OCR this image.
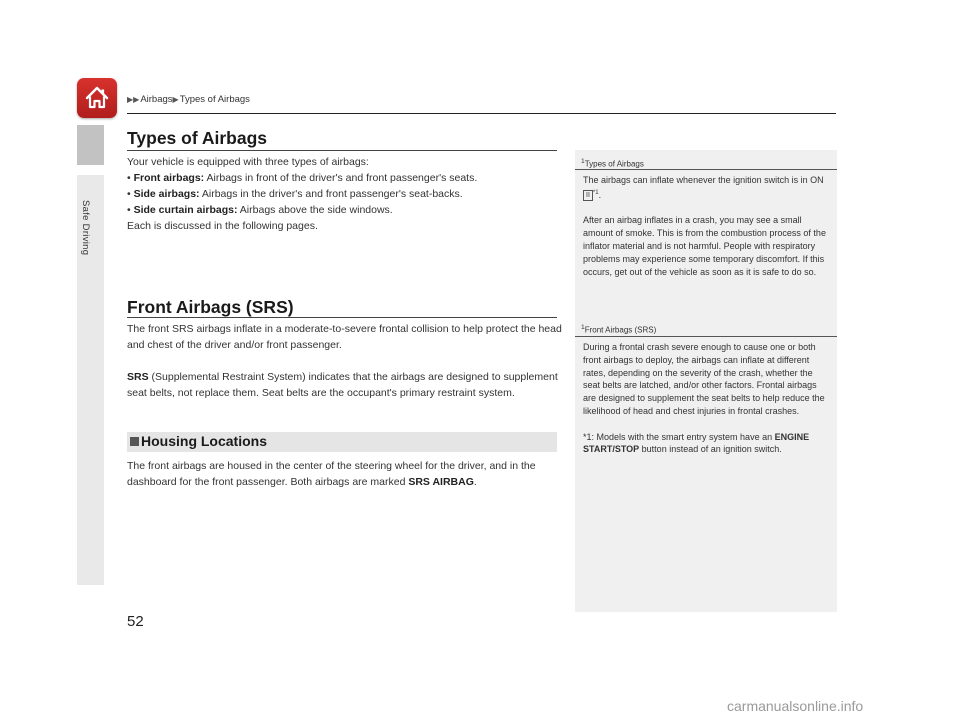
Safe Driving
▶▶Airbags▶Types of Airbags
Types of Airbags

Your vehicle is equipped with three types of airbags:

• Front airbags: Airbags in front of the driver's and front passenger's seats.

• Side airbags: Airbags in the driver's and front passenger's seat-backs.

• Side curtain airbags: Airbags above the side windows.

Each is discussed in the following pages.

Front Airbags (SRS)

The front SRS airbags inflate in a moderate-to-severe frontal collision to help protect the head and chest of the driver and/or front passenger.

SRS (Supplemental Restraint System) indicates that the airbags are designed to supplement seat belts, not replace them. Seat belts are the occupant's primary restraint system.

Housing Locations

The front airbags are housed in the center of the steering wheel for the driver, and in the dashboard for the front passenger. Both airbags are marked SRS AIRBAG.

$^1$Types of Airbags

The airbags can inflate whenever the ignition switch is in ON II $^{*1}$.

After an airbag inflates in a crash, you may see a small amount of smoke. This is from the combustion process of the inflator material and is not harmful. People with respiratory problems may experience some temporary discomfort. If this occurs, get out of the vehicle as soon as it is safe to do so.

$^1$Front Airbags (SRS)

During a frontal crash severe enough to cause one or both front airbags to deploy, the airbags can inflate at different rates, depending on the severity of the crash, whether the seat belts are latched, and/or other factors. Frontal airbags are designed to supplement the seat belts to help reduce the likelihood of head and chest injuries in frontal crashes.

*1: Models with the smart entry system have an ENGINE START/STOP button instead of an ignition switch.

52
carmanualsonline.info
